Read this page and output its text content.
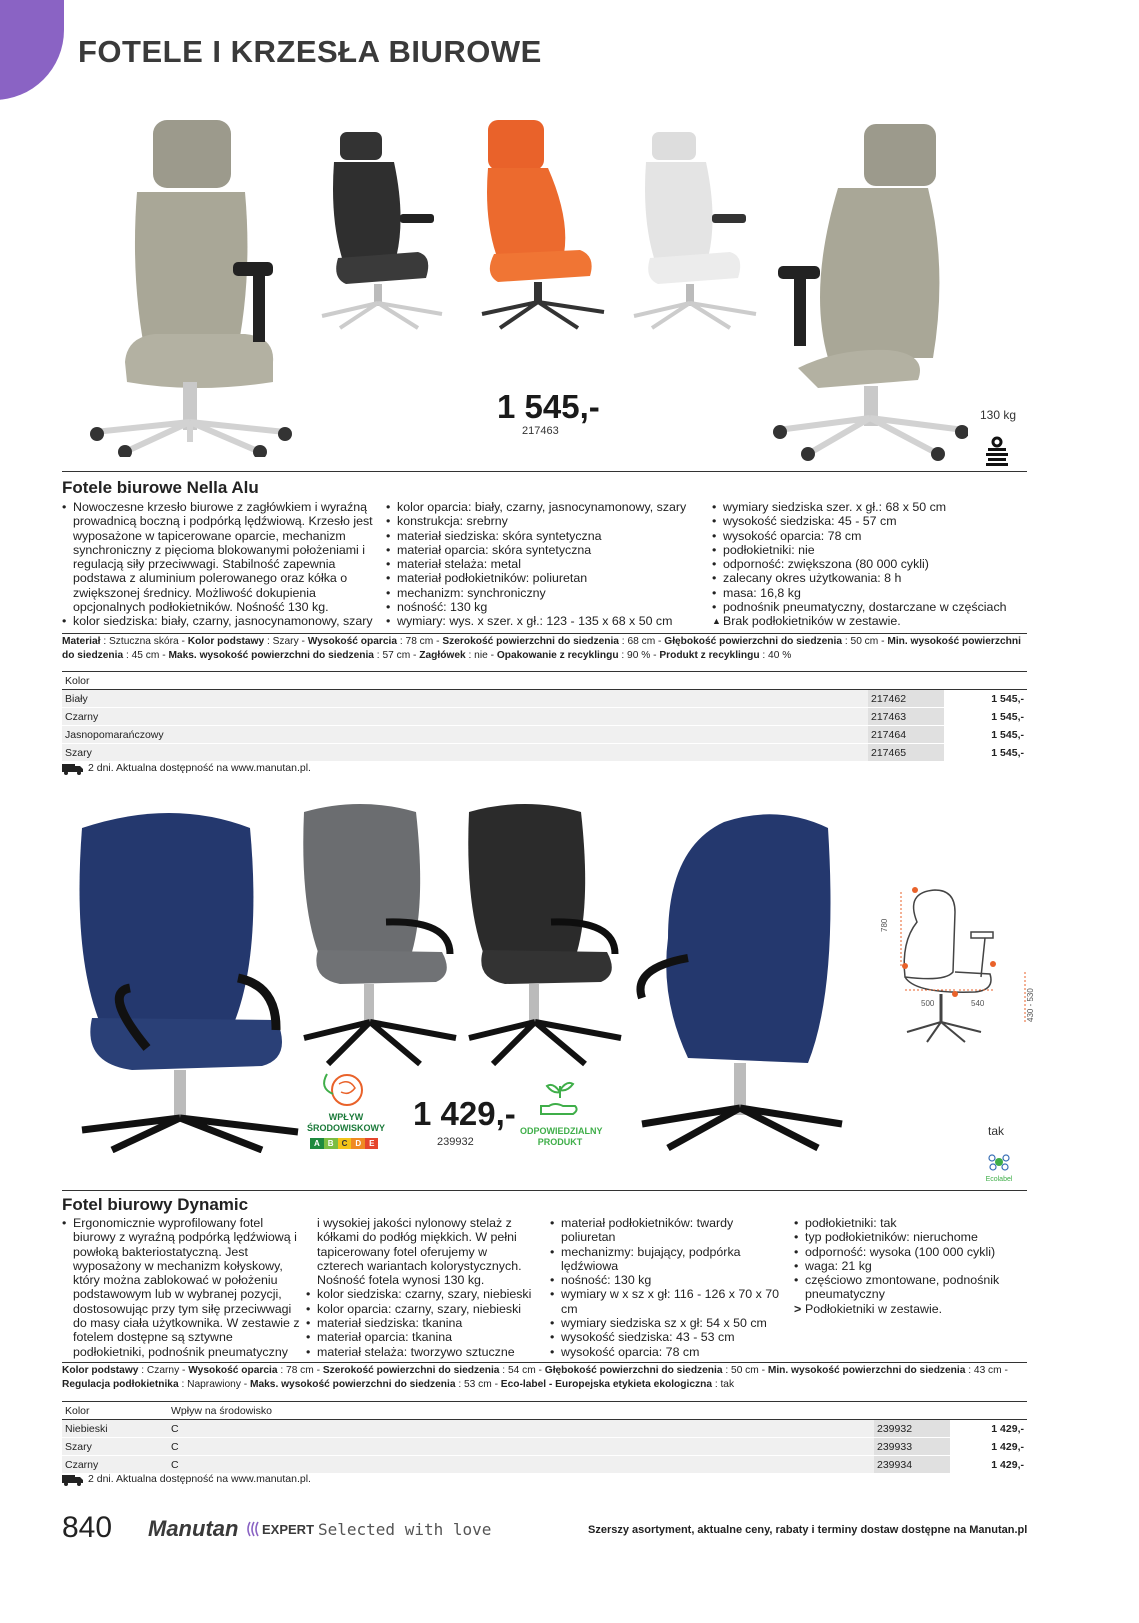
FOTELE I KRZESŁA BIUROWE
1 545,-
217463
130 kg
Fotele biurowe Nella Alu
• Nowoczesne krzesło biurowe z zagłówkiem i wyraźną prowadnicą boczną i podpórką lędźwiową. Krzesło jest wyposażone w tapicerowane oparcie, mechanizm synchroniczny z pięcioma blokowanymi położeniami i regulacją siły przeciwwagi. Stabilność zapewnia podstawa z aluminium polerowanego oraz kółka o zwiększonej średnicy. Możliwość dokupienia opcjonalnych podłokietników. Nośność 130 kg.
• kolor siedziska: biały, czarny, jasnocynamonowy, szary
• kolor oparcia: biały, czarny, jasnocynamonowy, szary
• konstrukcja: srebrny
• materiał siedziska: skóra syntetyczna
• materiał oparcia: skóra syntetyczna
• materiał stelaża: metal
• materiał podłokietników: poliuretan
• mechanizm: synchroniczny
• nośność: 130 kg
• wymiary: wys. x szer. x gł.: 123 - 135 x 68 x 50 cm
• wymiary siedziska szer. x gł.: 68 x 50 cm
• wysokość siedziska: 45 - 57 cm
• wysokość oparcia: 78 cm
• podłokietniki: nie
• odporność: zwiększona (80 000 cykli)
• zalecany okres użytkowania: 8 h
• masa: 16,8 kg
• podnośnik pneumatyczny, dostarczane w częściach
▲ Brak podłokietników w zestawie.
Materiał : Sztuczna skóra - Kolor podstawy : Szary - Wysokość oparcia : 78 cm - Szerokość powierzchni do siedzenia : 68 cm - Głębokość powierzchni do siedzenia : 50 cm - Min. wysokość powierzchni do siedzenia : 45 cm - Maks. wysokość powierzchni do siedzenia : 57 cm - Zagłówek : nie - Opakowanie z recyklingu : 90 % - Produkt z recyklingu : 40 %
Kolor		
Biały	217462	1 545,-
Czarny	217463	1 545,-
Jasnopomarańczowy	217464	1 545,-
Szary	217465	1 545,-
2 dni. Aktualna dostępność na www.manutan.pl.
780
500	540	430 - 530
WPŁYW
ŚRODOWISKOWY
A	B	C	D	E
1 429,-
239932
ODPOWIEDZIALNY
PRODUKT
tak
Ecolabel
Fotel biurowy Dynamic
• Ergonomicznie wyprofilowany fotel biurowy z wyraźną podpórką lędźwiową i powłoką bakteriostatyczną. Jest wyposażony w mechanizm kołyskowy, który można zablokować w położeniu podstawowym lub w wybranej pozycji, dostosowując przy tym siłę przeciwwagi do masy ciała użytkownika. W zestawie z fotelem dostępne są sztywne podłokietniki, podnośnik pneumatyczny

i wysokiej jakości nylonowy stelaż z kółkami do podłóg miękkich. W pełni tapicerowany fotel oferujemy w czterech wariantach kolorystycznych. Nośność fotela wynosi 130 kg.

• kolor siedziska: czarny, szary, niebieski
• kolor oparcia: czarny, szary, niebieski
• materiał siedziska: tkanina
• materiał oparcia: tkanina
• materiał stelaża: tworzywo sztuczne
• materiał podłokietników: twardy poliuretan
• mechanizmy: bujający, podpórka lędźwiowa
• nośność: 130 kg
• wymiary w x sz x gł: 116 - 126 x 70 x 70 cm
• wymiary siedziska sz x gł: 54 x 50 cm
• wysokość siedziska: 43 - 53 cm
• wysokość oparcia: 78 cm
• podłokietniki: tak
• typ podłokietników: nieruchome
• odporność: wysoka (100 000 cykli)
• waga: 21 kg
• częściowo zmontowane, podnośnik pneumatyczny
> Podłokietniki w zestawie.
Kolor podstawy : Czarny - Wysokość oparcia : 78 cm - Szerokość powierzchni do siedzenia : 54 cm - Głębokość powierzchni do siedzenia : 50 cm - Min. wysokość powierzchni do siedzenia : 43 cm - Regulacja podłokietnika : Naprawiony - Maks. wysokość powierzchni do siedzenia : 53 cm - Eco-label - Europejska etykieta ekologiczna : tak
Kolor	Wpływ na środowisko		
Niebieski	C	239932	1 429,-
Szary	C	239933	1 429,-
Czarny	C	239934	1 429,-
2 dni. Aktualna dostępność na www.manutan.pl.
840 Manutan EXPERT Selected with love	Szerszy asortyment, aktualne ceny, rabaty i terminy dostaw dostępne na Manutan.pl
